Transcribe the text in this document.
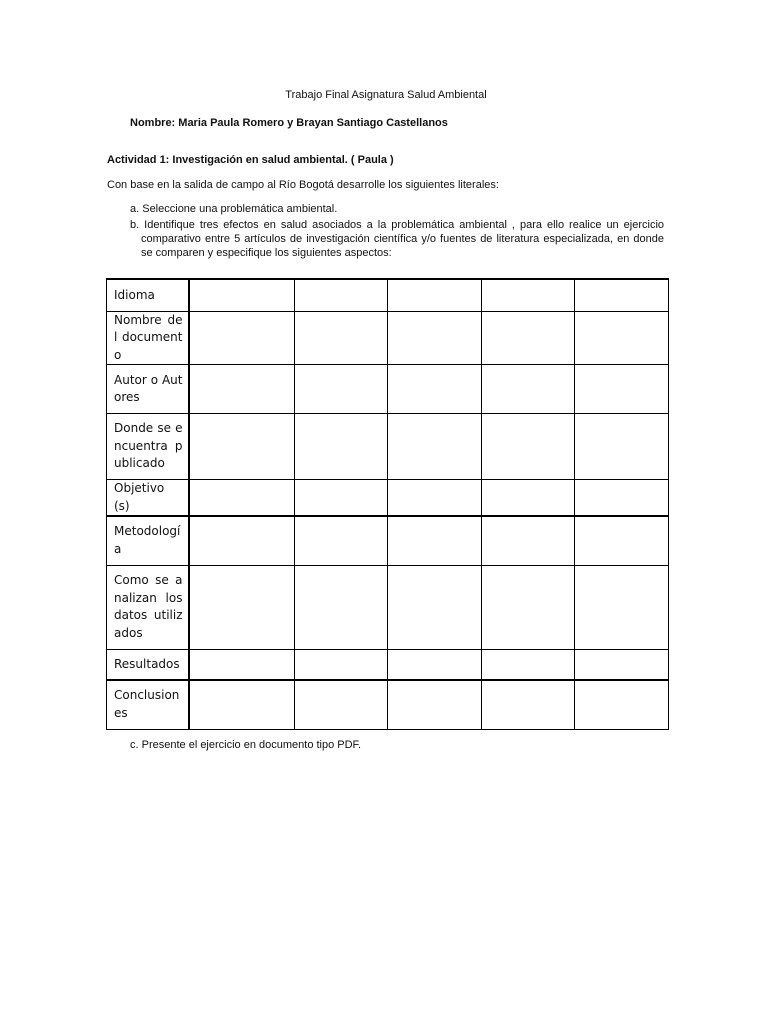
Trabajo Final Asignatura Salud Ambiental
Nombre: Maria Paula Romero y Brayan Santiago Castellanos
Actividad 1: Investigación en salud ambiental. ( Paula )
Con base en la salida de campo al Río Bogotá desarrolle los siguientes literales:
a. Seleccione una problemática ambiental.
b. Identifique tres efectos en salud asociados a la problemática ambiental , para ello realice un ejercicio comparativo entre 5 artículos de investigación científica y/o fuentes de literatura especializada, en donde se comparen y especifique los siguientes aspectos:
Idioma					
Nombre del documento					
Autor o Autores					
Donde se encuentra publicado					
Objetivo (s)					
Metodología					
Como se analizan los datos utilizados					
Resultados					
Conclusiones					
c. Presente el ejercicio en documento tipo PDF.
